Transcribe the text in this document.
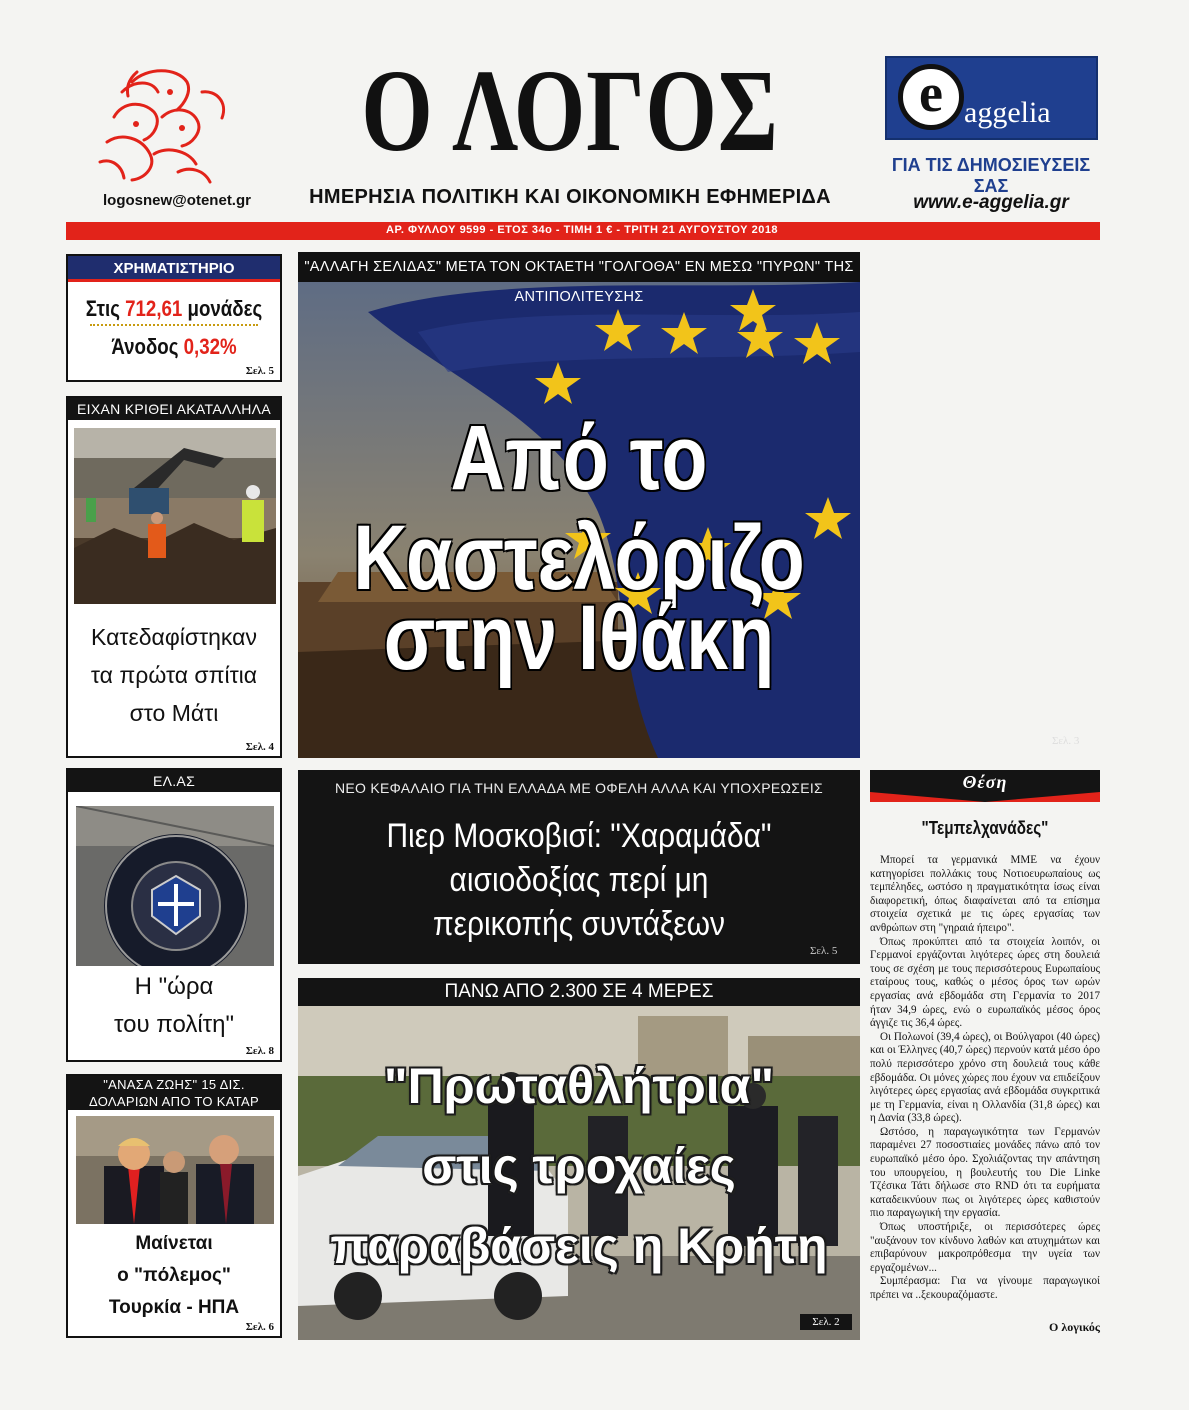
logosnew@otenet.gr
Ο ΛΟΓΟΣ
ΗΜΕΡΗΣΙΑ ΠΟΛΙΤΙΚΗ ΚΑΙ ΟΙΚΟΝΟΜΙΚΗ ΕΦΗΜΕΡΙΔΑ
e aggelia
ΓΙΑ ΤΙΣ ΔΗΜΟΣΙΕΥΣΕΙΣ ΣΑΣ
www.e-aggelia.gr
ΑΡ. ΦΥΛΛΟΥ 9599 - ΕΤΟΣ 34ο - ΤΙΜΗ 1 € - ΤΡΙΤΗ 21 ΑΥΓΟΥΣΤΟΥ 2018
ΧΡΗΜΑΤΙΣΤΗΡΙΟ
Στις 712,61 μονάδες
Άνοδος 0,32%
Σελ. 5
ΕΙΧΑΝ ΚΡΙΘΕΙ ΑΚΑΤΑΛΛΗΛΑ
Κατεδαφίστηκαν
τα πρώτα σπίτια
στο Μάτι
Σελ. 4
ΕΛ.ΑΣ
Η "ώρα
του πολίτη"
Σελ. 8
"ΑΝΑΣΑ ΖΩΗΣ" 15 ΔΙΣ.
ΔΟΛΑΡΙΩΝ ΑΠΟ ΤΟ ΚΑΤΑΡ
Μαίνεται
ο "πόλεμος"
Τουρκία - ΗΠΑ
Σελ. 6
"ΑΛΛΑΓΗ ΣΕΛΙΔΑΣ" ΜΕΤΑ ΤΟΝ ΟΚΤΑΕΤΗ "ΓΟΛΓΟΘΑ" ΕΝ ΜΕΣΩ "ΠΥΡΩΝ" ΤΗΣ ΑΝΤΙΠΟΛΙΤΕΥΣΗΣ
Από το Καστελόριζο
στην Ιθάκη
Σελ. 3
ΝΕΟ ΚΕΦΑΛΑΙΟ ΓΙΑ ΤΗΝ ΕΛΛΑΔΑ ΜΕ ΟΦΕΛΗ ΑΛΛΑ ΚΑΙ ΥΠΟΧΡΕΩΣΕΙΣ
Πιερ Μοσκοβισί: "Χαραμάδα"
αισιοδοξίας περί μη
περικοπής συντάξεων
Σελ. 5
ΠΑΝΩ ΑΠΟ 2.300 ΣΕ 4 ΜΕΡΕΣ
"Πρωταθλήτρια"
στις τροχαίες
παραβάσεις η Κρήτη
Σελ. 2
Θέση
"Τεμπελχανάδες"

Μπορεί τα γερμανικά ΜΜΕ να έχουν κατηγορίσει πολλάκις τους Νοτιοευρωπαίους ως τεμπέληδες, ωστόσο η πραγματικότητα ίσως είναι διαφορετική, όπως διαφαίνεται από τα επίσημα στοιχεία σχετικά με τις ώρες εργασίας των ανθρώπων στη "γηραιά ήπειρο".

Όπως προκύπτει από τα στοιχεία λοιπόν, οι Γερμανοί εργάζονται λιγότερες ώρες στη δουλειά τους σε σχέση με τους περισσότερους Ευρωπαίους εταίρους τους, καθώς ο μέσος όρος των ωρών εργασίας ανά εβδομάδα στη Γερμανία το 2017 ήταν 34,9 ώρες, ενώ ο ευρωπαϊκός μέσος όρος άγγιζε τις 36,4 ώρες.

Οι Πολωνοί (39,4 ώρες), οι Βούλγαροι (40 ώρες) και οι Έλληνες (40,7 ώρες) περνούν κατά μέσο όρο πολύ περισσότερο χρόνο στη δουλειά τους κάθε εβδομάδα. Οι μόνες χώρες που έχουν να επιδείξουν λιγότερες ώρες εργασίας ανά εβδομάδα συγκριτικά με τη Γερμανία, είναι η Ολλανδία (31,8 ώρες) και η Δανία (33,8 ώρες).

Ωστόσο, η παραγωγικότητα των Γερμανών παραμένει 27 ποσοστιαίες μονάδες πάνω από τον ευρωπαϊκό μέσο όρο. Σχολιάζοντας την απάντηση του υπουργείου, η βουλευτής του Die Linke Τζέσικα Τάτι δήλωσε στο RND ότι τα ευρήματα καταδεικνύουν πως οι λιγότερες ώρες καθιστούν πιο παραγωγική την εργασία.

Όπως υποστήριξε, οι περισσότερες ώρες "αυξάνουν τον κίνδυνο λαθών και ατυχημάτων και επιβαρύνουν μακροπρόθεσμα την υγεία των εργαζομένων...

Συμπέρασμα: Για να γίνουμε παραγωγικοί πρέπει να ..ξεκουραζόμαστε.

Ο λογικός
